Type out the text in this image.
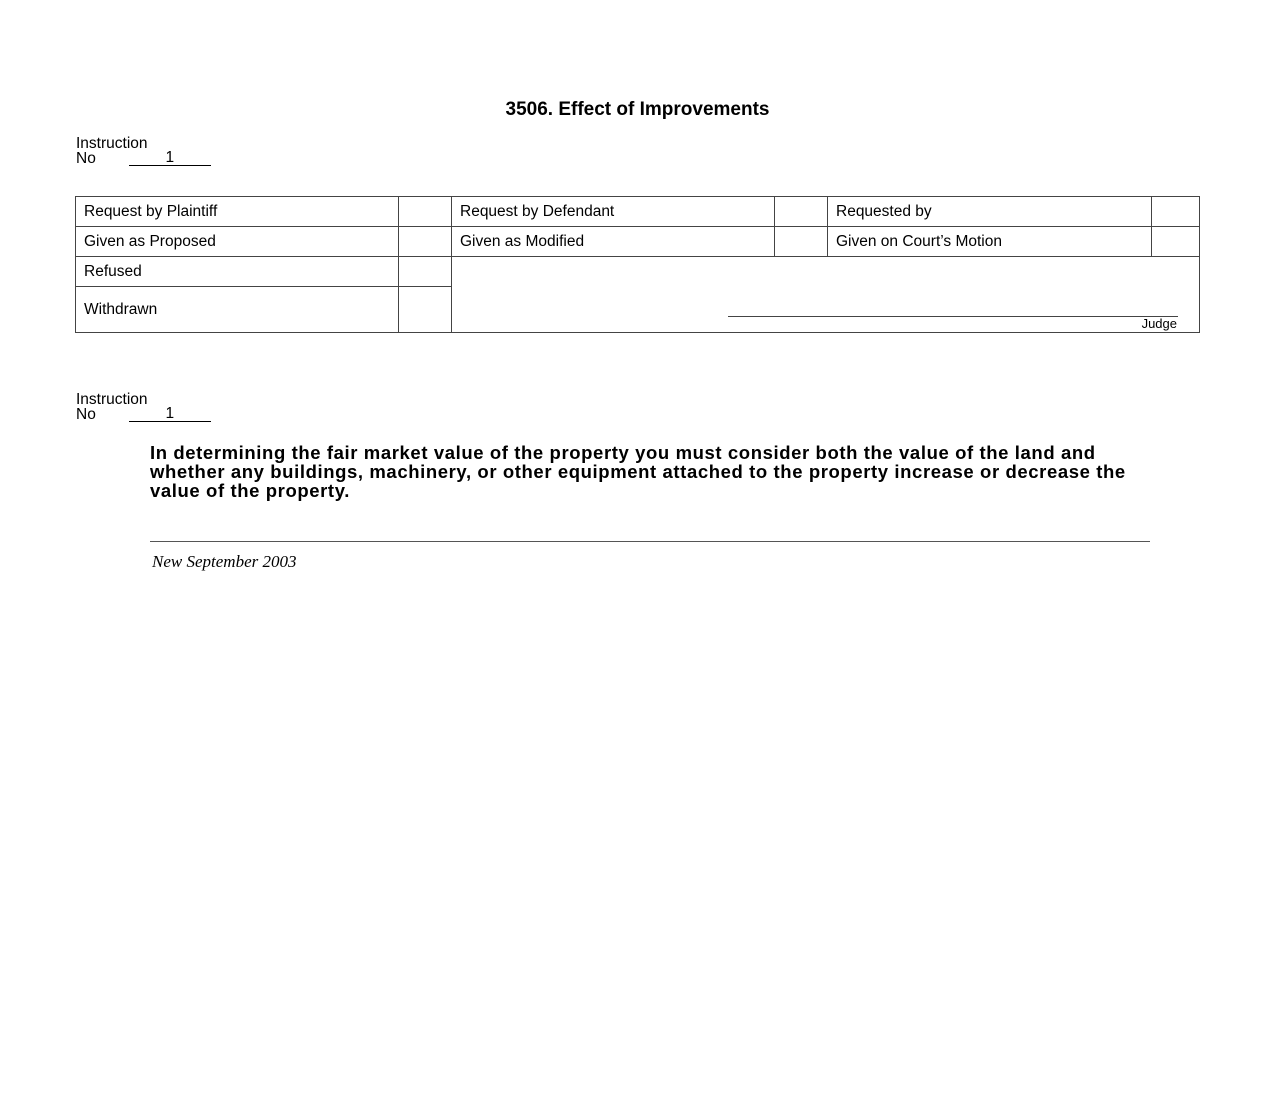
3506. Effect of Improvements
Instruction
No	1
Request by Plaintiff	Request by Defendant	Requested by
Given as Proposed	Given as Modified	Given on Court’s Motion
Refused
Withdrawn
Judge
Instruction
No	1
In determining the fair market value of the property you must consider both the value of the land and whether any buildings, machinery, or other equipment attached to the property increase or decrease the value of the property.
New September 2003
